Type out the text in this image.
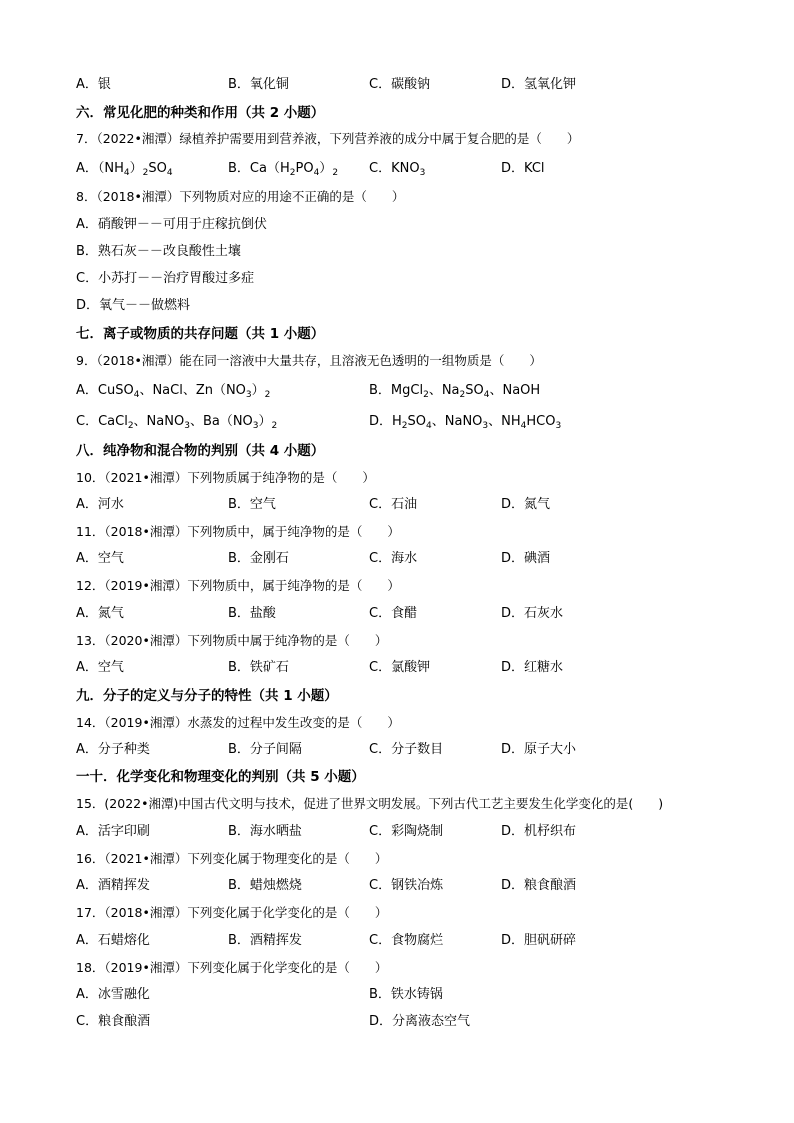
A．银	B．氧化铜	C．碳酸钠	D．氢氧化钾
六．常见化肥的种类和作用（共 2 小题）
7．（2022•湘潭）绿植养护需要用到营养液，下列营养液的成分中属于复合肥的是（　　）
A．$(NH_4)_2SO_4$	B．$Ca(H_2PO_4)_2$ C．$KNO_3$	D．KCl
8．（2018•湘潭）下列物质对应的用途不正确的是（　　）
A．硝酸钾－－可用于庄稼抗倒伏
B．熟石灰－－改良酸性土壤
C．小苏打－－治疗胃酸过多症
D．氧气－－做燃料
七．离子或物质的共存问题（共 1 小题）
9．（2018•湘潭）能在同一溶液中大量共存，且溶液无色透明的一组物质是（　　）
A．CuSO$_4$、NaCl、$Zn(NO_3)_2$	B．MgCl$_2$、$Na_2SO_4$、NaOH
C．CaCl$_2$、NaNO$_3$、$Ba(NO_3)_2$	D．$H_2SO_4$、NaNO$_3$、$NH_4HCO_3$
八．纯净物和混合物的判别（共 4 小题）
10．（2021•湘潭）下列物质属于纯净物的是（　　）
A．河水	B．空气	C．石油	D．氮气
11．（2018•湘潭）下列物质中，属于纯净物的是（　　）
A．空气	B．金刚石	C．海水	D．碘酒
12．（2019•湘潭）下列物质中，属于纯净物的是（　　）
A．氮气	B．盐酸	C．食醋	D．石灰水
13．（2020•湘潭）下列物质中属于纯净物的是（　　）
A．空气	B．铁矿石	C．氯酸钾	D．红糖水
九．分子的定义与分子的特性（共 1 小题）
14．（2019•湘潭）水蒸发的过程中发生改变的是（　　）
A．分子种类	B．分子间隔	C．分子数目	D．原子大小
一十．化学变化和物理变化的判别（共 5 小题）
15．(2022•湘潭)中国古代文明与技术，促进了世界文明发展。下列古代工艺主要发生化学变化的是(　　)
A．活字印刷	B．海水晒盐	C．彩陶烧制	D．机杼织布
16．（2021•湘潭）下列变化属于物理变化的是（　　）
A．酒精挥发	B．蜡烛燃烧	C．钢铁冶炼	D．粮食酿酒
17．（2018•湘潭）下列变化属于化学变化的是（　　）
A．石蜡熔化	B．酒精挥发	C．食物腐烂	D．胆矾研碎
18．（2019•湘潭）下列变化属于化学变化的是（　　）
A．冰雪融化	B．铁水铸锅
C．粮食酿酒	D．分离液态空气
